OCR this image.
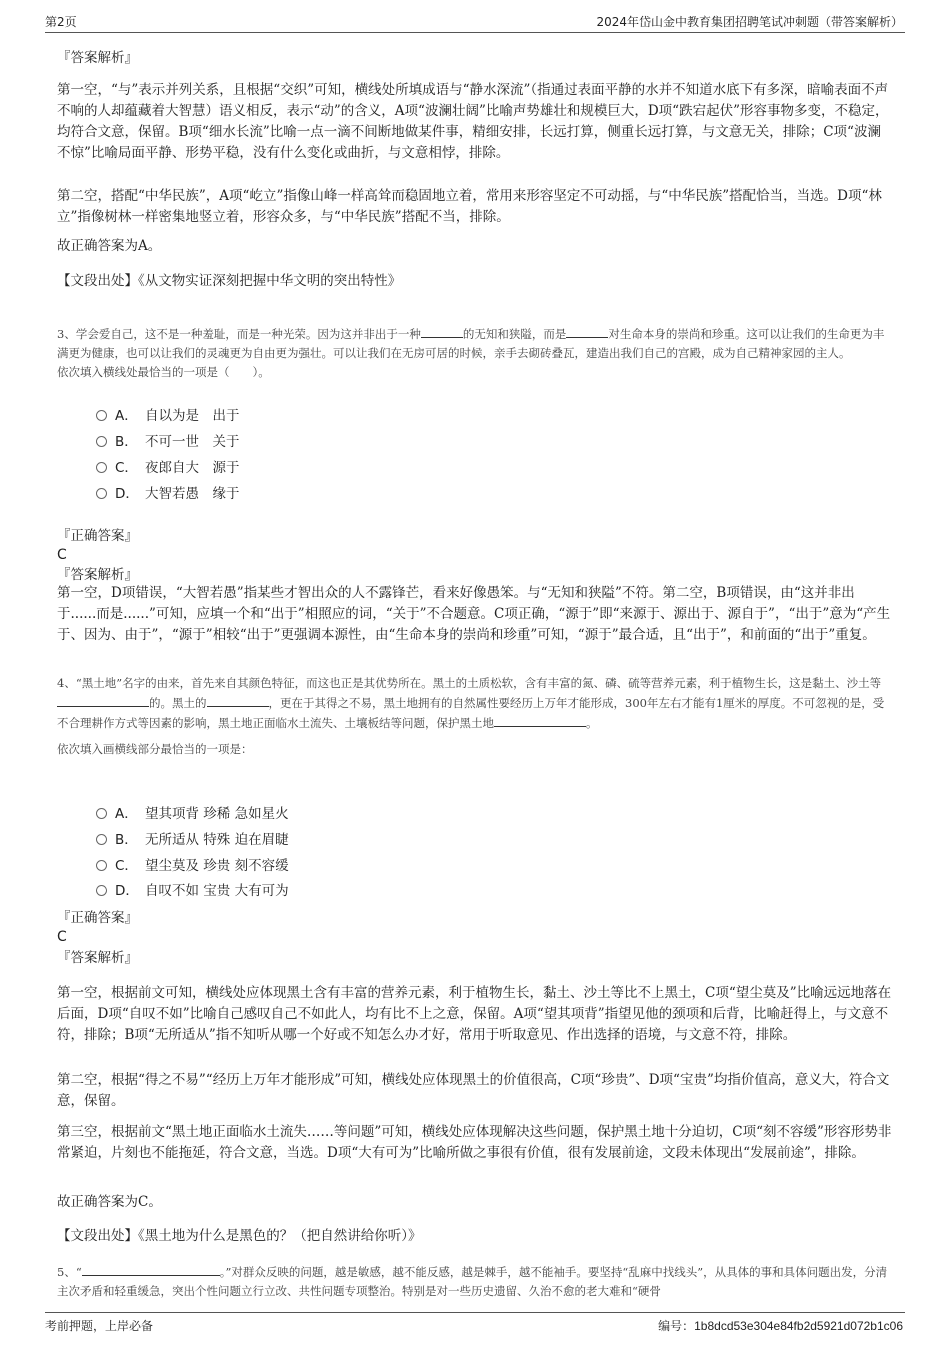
第2页	2024年岱山金中教育集团招聘笔试冲刺题（带答案解析）
『答案解析』

第一空，“与”表示并列关系，且根据“交织”可知，横线处所填成语与“静水深流”（指通过表面平静的水并不知道水底下有多深，暗喻表面不声不响的人却蕴藏着大智慧）语义相反，表示“动”的含义，A项“波澜壮阔”比喻声势雄壮和规模巨大，D项“跌宕起伏”形容事物多变，不稳定，均符合文意，保留。B项“细水长流”比喻一点一滴不间断地做某件事，精细安排，长远打算，侧重长远打算，与文意无关，排除；C项“波澜不惊”比喻局面平静、形势平稳，没有什么变化或曲折，与文意相悖，排除。

第二空，搭配“中华民族”，A项“屹立”指像山峰一样高耸而稳固地立着，常用来形容坚定不可动摇，与“中华民族”搭配恰当，当选。D项“林立”指像树林一样密集地竖立着，形容众多，与“中华民族”搭配不当，排除。

故正确答案为A。
【文段出处】《从文物实证深刻把握中华文明的突出特性》

3、学会爱自己，这不是一种羞耻，而是一种光荣。因为这并非出于一种	的无知和狭隘，而是	对生命本身的崇尚和珍重。这可以让我们的生命更为丰满更为健康，也可以让我们的灵魂更为自由更为强壮。可以让我们在无房可居的时候，亲手去砌砖叠瓦，建造出我们自己的宫殿，成为自己精神家园的主人。

依次填入横线处最恰当的一项是（　　）。

A． 自以为是　出于
B． 不可一世　关于
C． 夜郎自大　源于
D． 大智若愚　缘于
『正确答案』
C
『答案解析』

第一空，D项错误，“大智若愚”指某些才智出众的人不露锋芒，看来好像愚笨。与“无知和狭隘”不符。第二空，B项错误，由“这并非出于......而是......”可知，应填一个和“出于”相照应的词，“关于”不合题意。C项正确，“源于”即“来源于、源出于、源自于”，“出于”意为“产生于、因为、由于”，“源于”相较“出于”更强调本源性，由“生命本身的崇尚和珍重”可知，“源于”最合适，且“出于”，和前面的“出于”重复。

4、“黑土地”名字的由来，首先来自其颜色特征，而这也正是其优势所在。黑土的土质松软，含有丰富的氮、磷、硫等营养元素，利于植物生长，这是黏土、沙土等的。黑土的	，更在于其得之不易，黑土地拥有的自然属性要经历上万年才能形成，300年左右才能有1厘米的厚度。不可忽视的是，受不合理耕作方式等因素的影响，黑土地正面临水土流失、土壤板结等问题，保护黑土地	。

依次填入画横线部分最恰当的一项是：
A． 望其项背 珍稀 急如星火
B． 无所适从 特殊 迫在眉睫
C． 望尘莫及 珍贵 刻不容缓
D． 自叹不如 宝贵 大有可为
『正确答案』
C
『答案解析』

第一空，根据前文可知，横线处应体现黑土含有丰富的营养元素，利于植物生长，黏土、沙土等比不上黑土，C项“望尘莫及”比喻远远地落在后面，D项“自叹不如”比喻自己感叹自己不如此人，均有比不上之意，保留。A项“望其项背”指望见他的颈项和后背，比喻赶得上，与文意不符，排除；B项“无所适从”指不知听从哪一个好或不知怎么办才好，常用于听取意见、作出选择的语境，与文意不符，排除。

第二空，根据“得之不易”“经历上万年才能形成”可知，横线处应体现黑土的价值很高，C项“珍贵”、D项“宝贵”均指价值高，意义大，符合文意，保留。

第三空，根据前文“黑土地正面临水土流失……等问题”可知，横线处应体现解决这些问题，保护黑土地十分迫切，C项“刻不容缓”形容形势非常紧迫，片刻也不能拖延，符合文意，当选。D项“大有可为”比喻所做之事很有价值，很有发展前途，文段未体现出“发展前途”，排除。

故正确答案为C。
【文段出处】《黑土地为什么是黑色的？（把自然讲给你听）》

5、“	。”对群众反映的问题，越是敏感，越不能反感，越是棘手，越不能袖手。要坚持“乱麻中找线头”，从具体的事和具体问题出发，分清主次矛盾和轻重缓急，突出个性问题立行立改、共性问题专项整治。特别是对一些历史遗留、久治不愈的老大难和“硬骨

考前押题，上岸必备	编号：1b8dcd53e304e84fb2d5921d072b1c06
